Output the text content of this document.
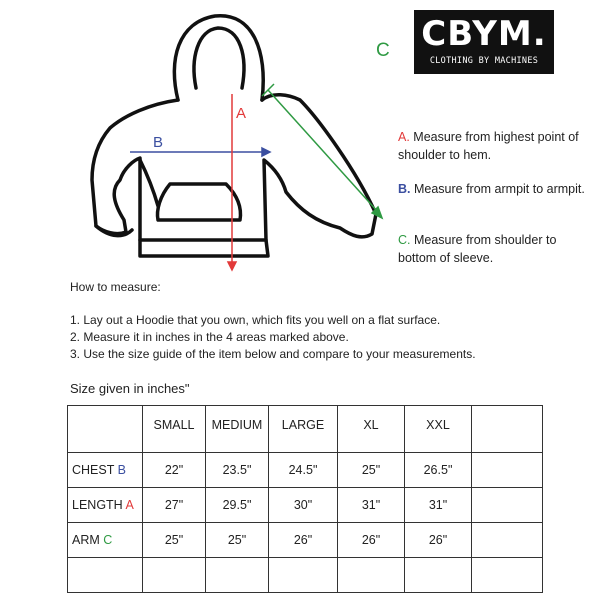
B
A
C CBYM.
CLOTHING BY MACHINES
A. Measure from highest point of shoulder to hem.
B. Measure from armpit to armpit.
C. Measure from shoulder to bottom of sleeve.
How to measure:
1. Lay out a Hoodie that you own, which fits you well on a flat surface.
2. Measure it in inches in the 4 areas marked above.
3. Use the size guide of the item below and compare to your measurements.
Size given in inches"
	SMALL	MEDIUM	LARGE	XL	XXL	
CHEST B	22"	23.5"	24.5"	25"	26.5"	
LENGTH A	27"	29.5"	30"	31"	31"	
ARM C	25"	25"	26"	26"	26"	
